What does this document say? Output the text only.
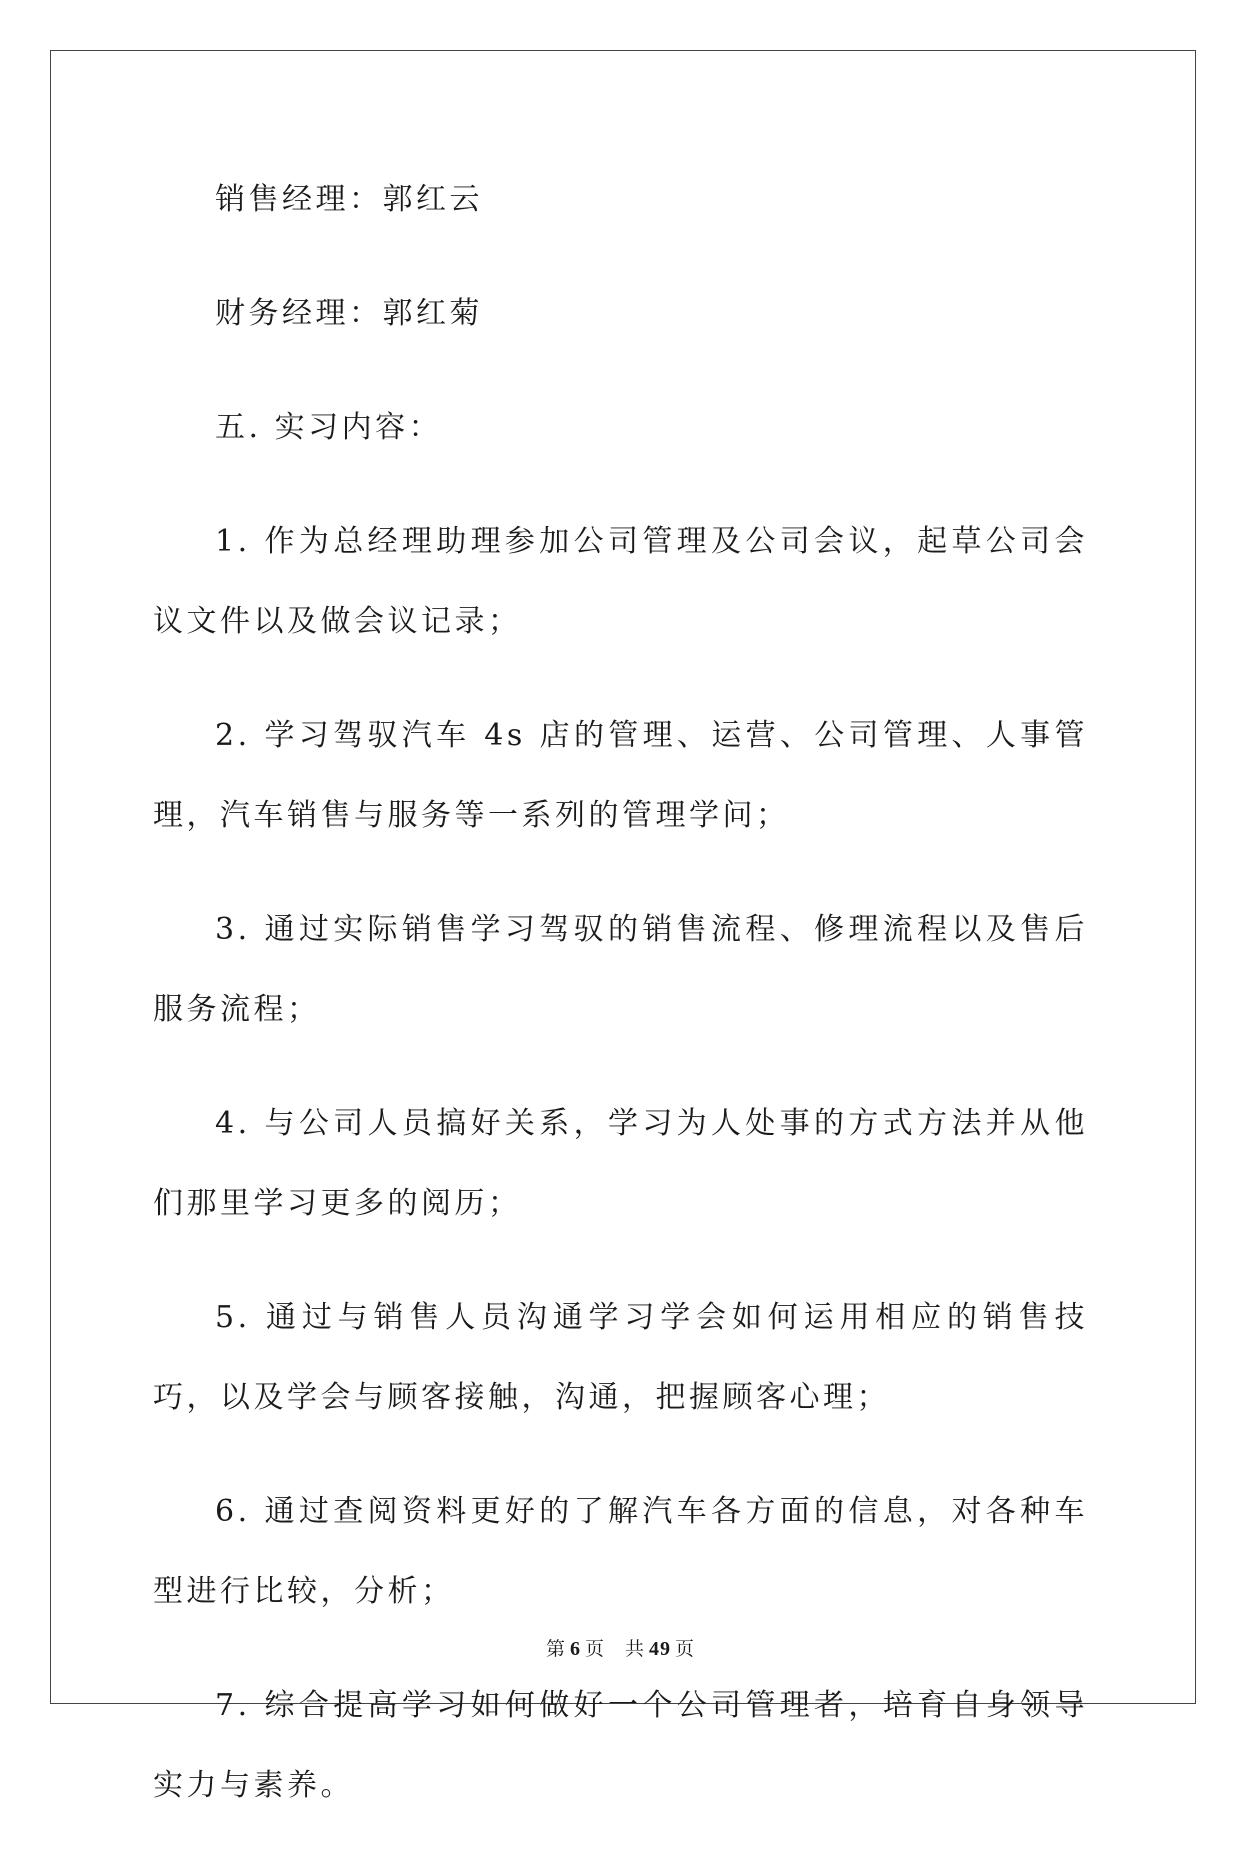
销售经理：郭红云

财务经理：郭红菊

五. 实习内容：

1. 作为总经理助理参加公司管理及公司会议，起草公司会议文件以及做会议记录；

2. 学习驾驭汽车 4s 店的管理、运营、公司管理、人事管理，汽车销售与服务等一系列的管理学问；

3. 通过实际销售学习驾驭的销售流程、修理流程以及售后服务流程；

4. 与公司人员搞好关系，学习为人处事的方式方法并从他们那里学习更多的阅历；

5. 通过与销售人员沟通学习学会如何运用相应的销售技巧，以及学会与顾客接触，沟通，把握顾客心理；

6. 通过查阅资料更好的了解汽车各方面的信息，对各种车型进行比较，分析；

7. 综合提高学习如何做好一个公司管理者，培育自身领导实力与素养。

第 6 页 共 49 页
